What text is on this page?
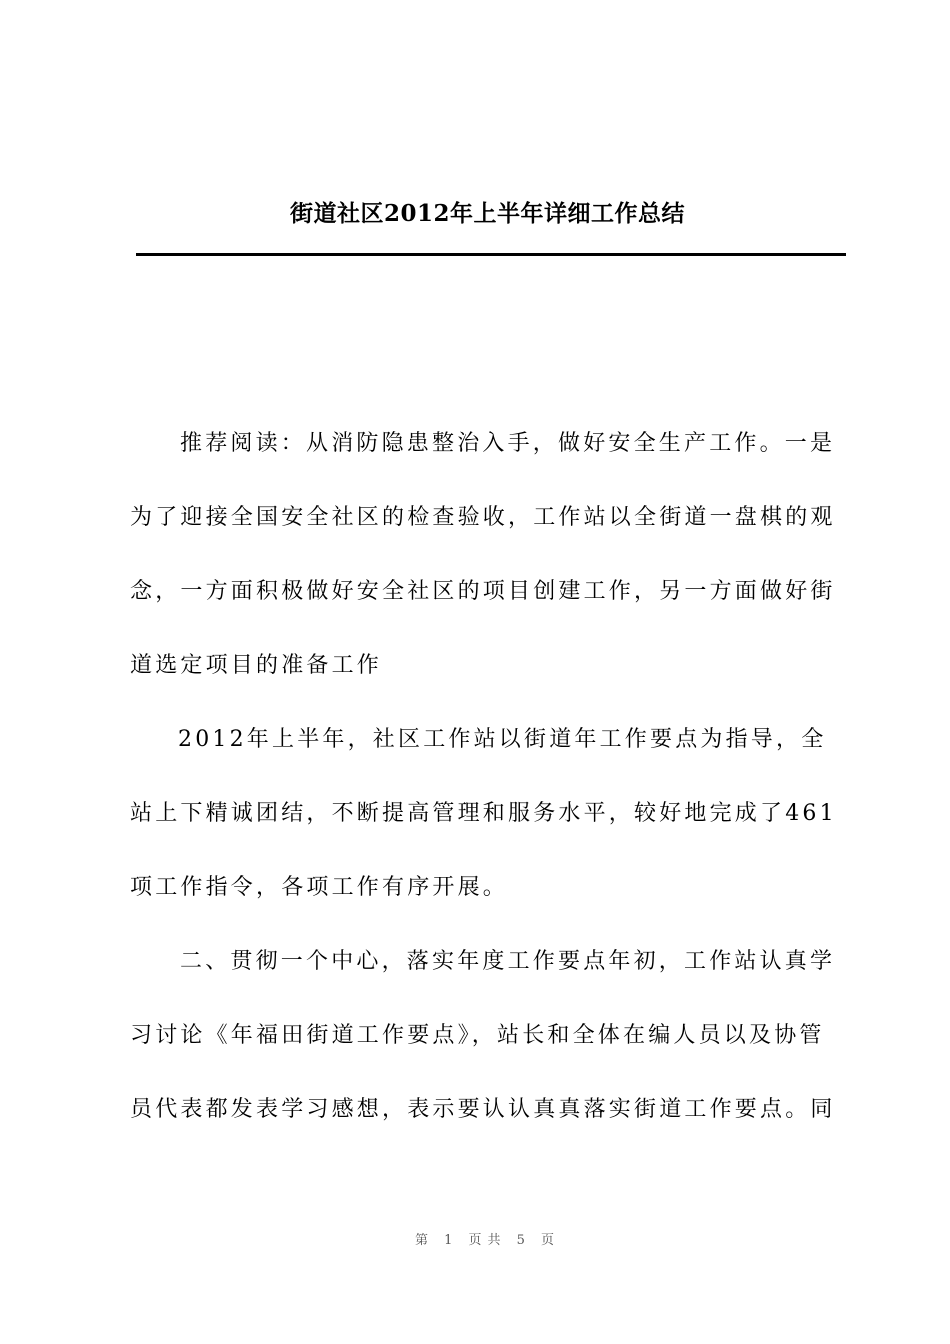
街道社区2012年上半年详细工作总结
推荐阅读：从消防隐患整治入手，做好安全生产工作。一是
为了迎接全国安全社区的检查验收，工作站以全街道一盘棋的观
念，一方面积极做好安全社区的项目创建工作，另一方面做好街
道选定项目的准备工作
2012年上半年，社区工作站以街道年工作要点为指导，全
站上下精诚团结，不断提高管理和服务水平，较好地完成了461
项工作指令，各项工作有序开展。
二、贯彻一个中心，落实年度工作要点年初，工作站认真学
习讨论《年福田街道工作要点》，站长和全体在编人员以及协管
员代表都发表学习感想，表示要认认真真落实街道工作要点。同
第 1 页共 5 页
